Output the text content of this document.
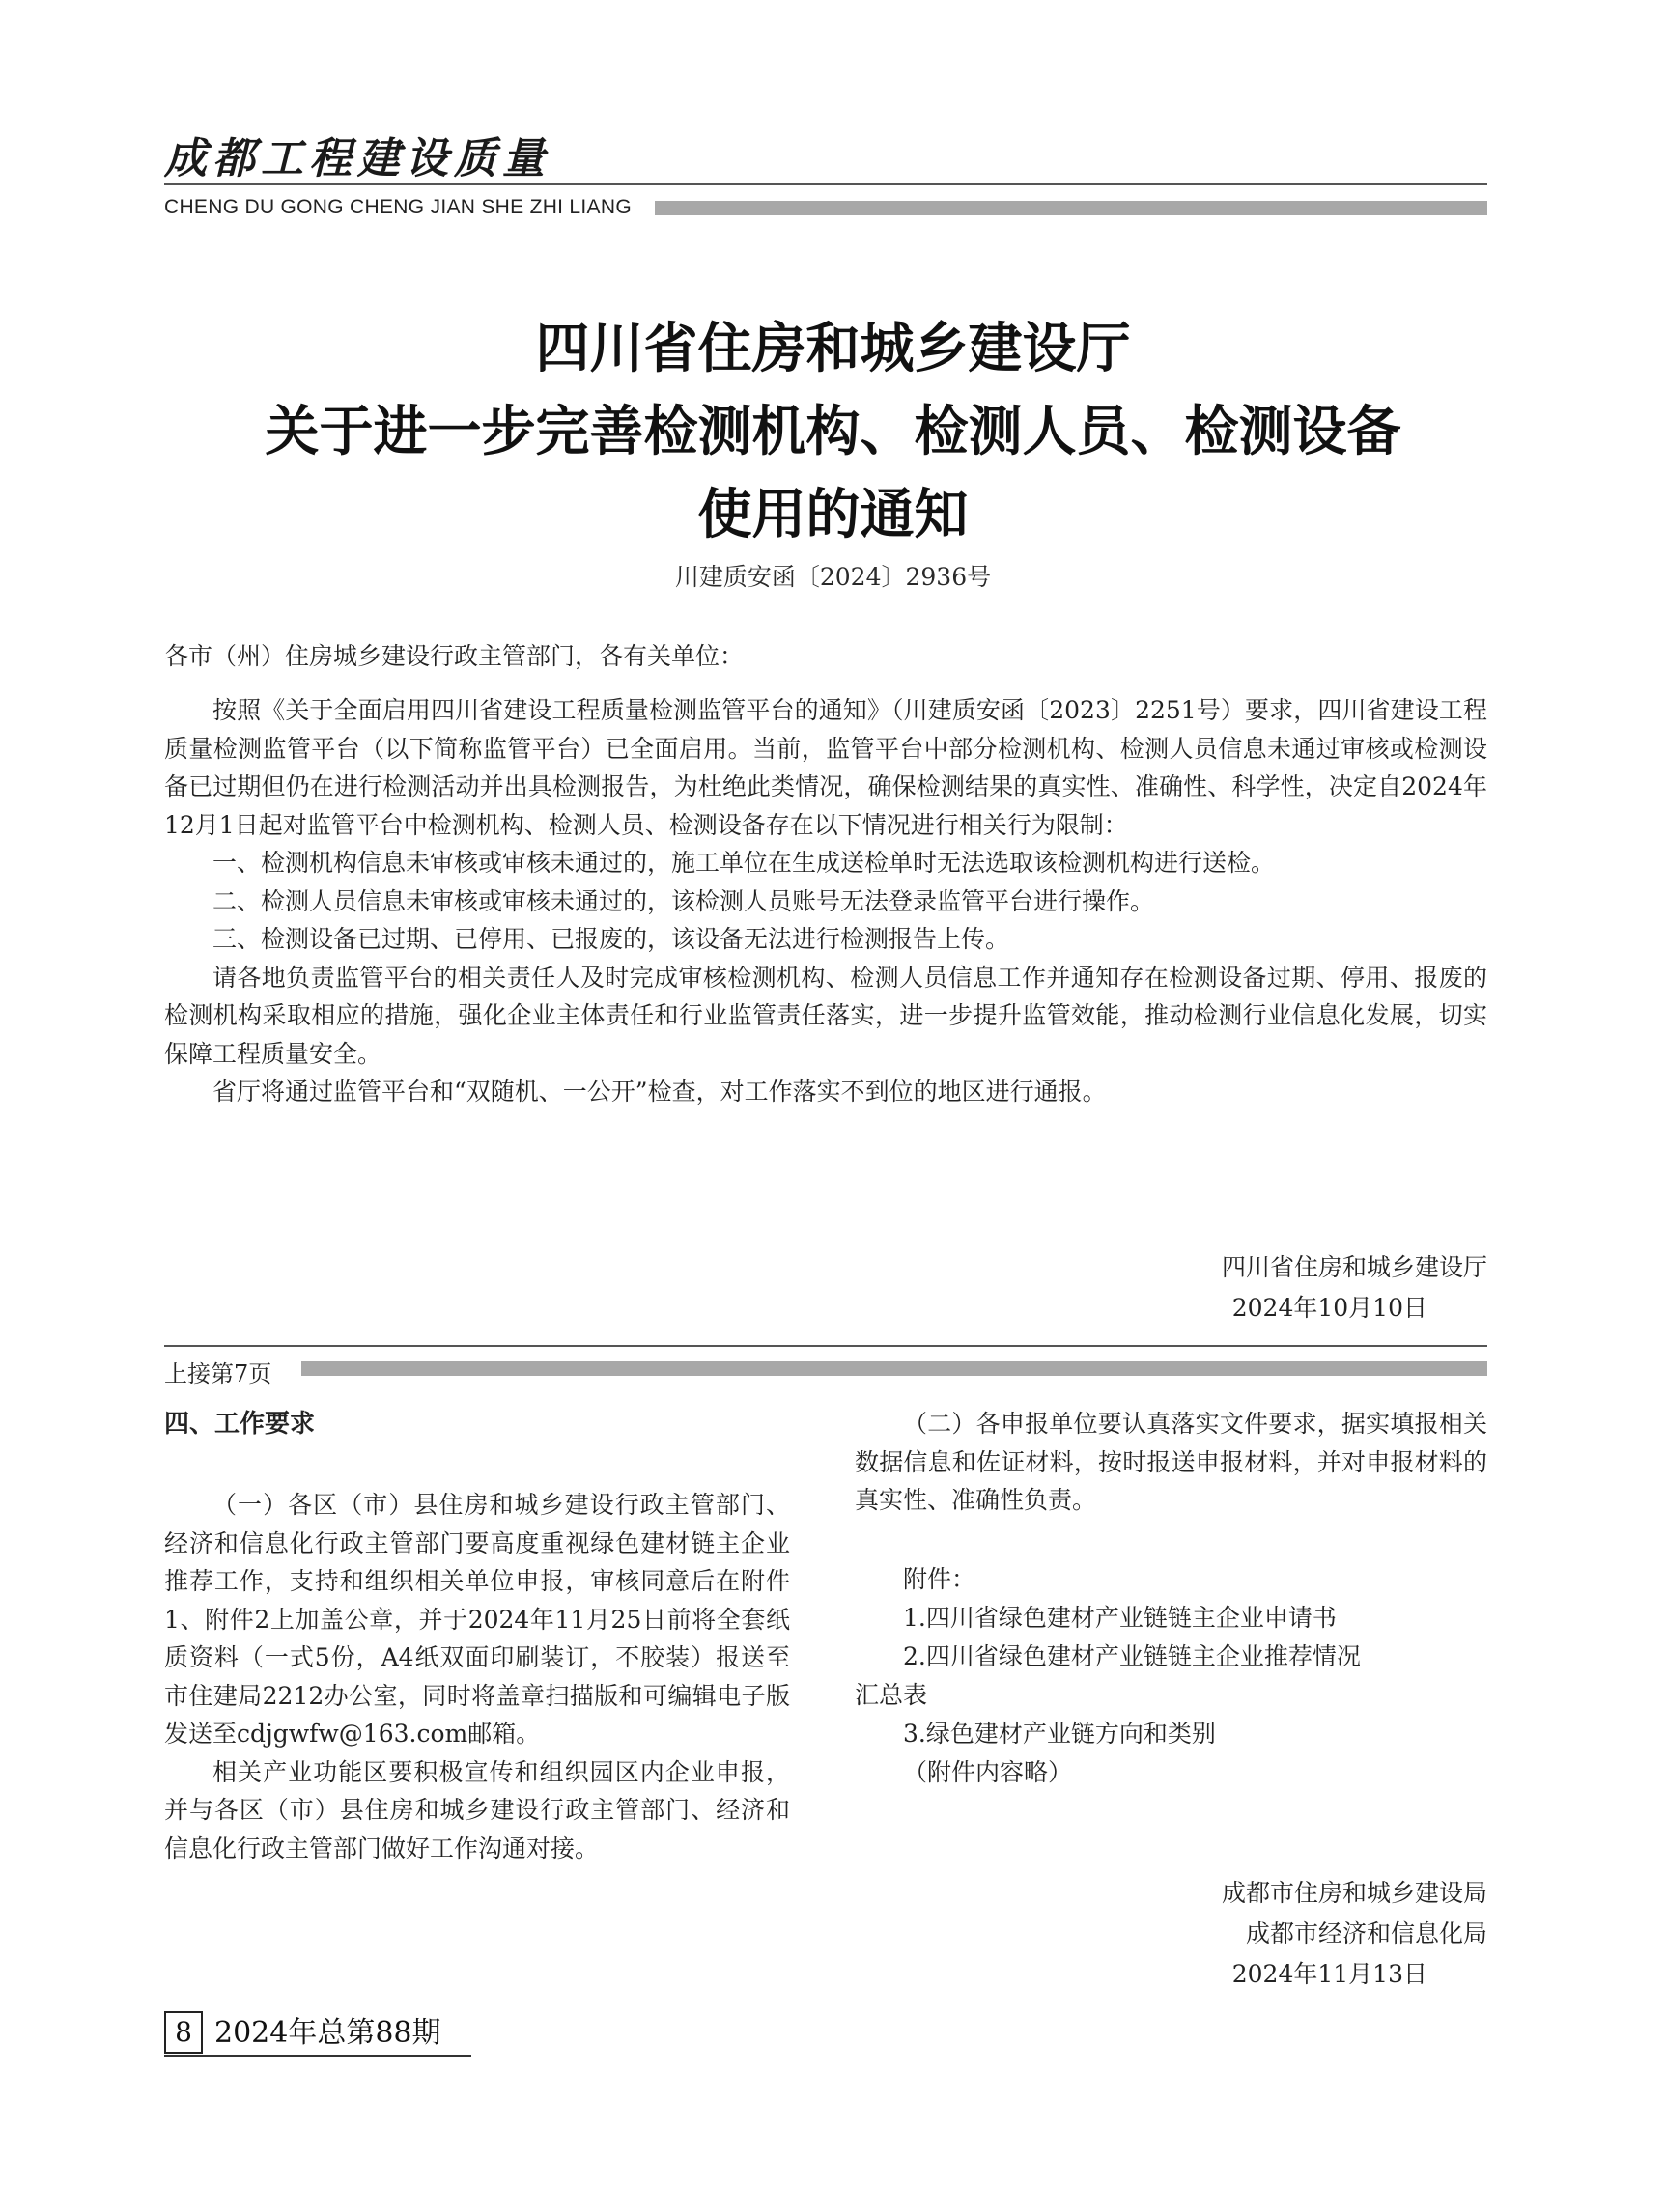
成都工程建设质量
CHENG DU GONG CHENG JIAN SHE ZHI LIANG
四川省住房和城乡建设厅
关于进一步完善检测机构、检测人员、检测设备
使用的通知
川建质安函〔2024〕2936号
各市（州）住房城乡建设行政主管部门，各有关单位：

按照《关于全面启用四川省建设工程质量检测监管平台的通知》（川建质安函〔2023〕2251号）要求，四川省建设工程质量检测监管平台（以下简称监管平台）已全面启用。当前，监管平台中部分检测机构、检测人员信息未通过审核或检测设备已过期但仍在进行检测活动并出具检测报告，为杜绝此类情况，确保检测结果的真实性、准确性、科学性，决定自2024年12月1日起对监管平台中检测机构、检测人员、检测设备存在以下情况进行相关行为限制：

一、检测机构信息未审核或审核未通过的，施工单位在生成送检单时无法选取该检测机构进行送检。

二、检测人员信息未审核或审核未通过的，该检测人员账号无法登录监管平台进行操作。

三、检测设备已过期、已停用、已报废的，该设备无法进行检测报告上传。

请各地负责监管平台的相关责任人及时完成审核检测机构、检测人员信息工作并通知存在检测设备过期、停用、报废的检测机构采取相应的措施，强化企业主体责任和行业监管责任落实，进一步提升监管效能，推动检测行业信息化发展，切实保障工程质量安全。

省厅将通过监管平台和“双随机、一公开”检查，对工作落实不到位的地区进行通报。

四川省住房和城乡建设厅
2024年10月10日
上接第7页
四、工作要求

（一）各区（市）县住房和城乡建设行政主管部门、经济和信息化行政主管部门要高度重视绿色建材链主企业推荐工作，支持和组织相关单位申报，审核同意后在附件1、附件2上加盖公章，并于2024年11月25日前将全套纸质资料（一式5份，A4纸双面印刷装订，不胶装）报送至市住建局2212办公室，同时将盖章扫描版和可编辑电子版发送至cdjgwfw@163.com邮箱。

相关产业功能区要积极宣传和组织园区内企业申报，并与各区（市）县住房和城乡建设行政主管部门、经济和信息化行政主管部门做好工作沟通对接。

（二）各申报单位要认真落实文件要求，据实填报相关数据信息和佐证材料，按时报送申报材料，并对申报材料的真实性、准确性负责。

附件：
1.四川省绿色建材产业链链主企业申请书
2.四川省绿色建材产业链链主企业推荐情况
汇总表
3.绿色建材产业链方向和类别
（附件内容略）
成都市住房和城乡建设局
成都市经济和信息化局
2024年11月13日
8 2024年总第88期
